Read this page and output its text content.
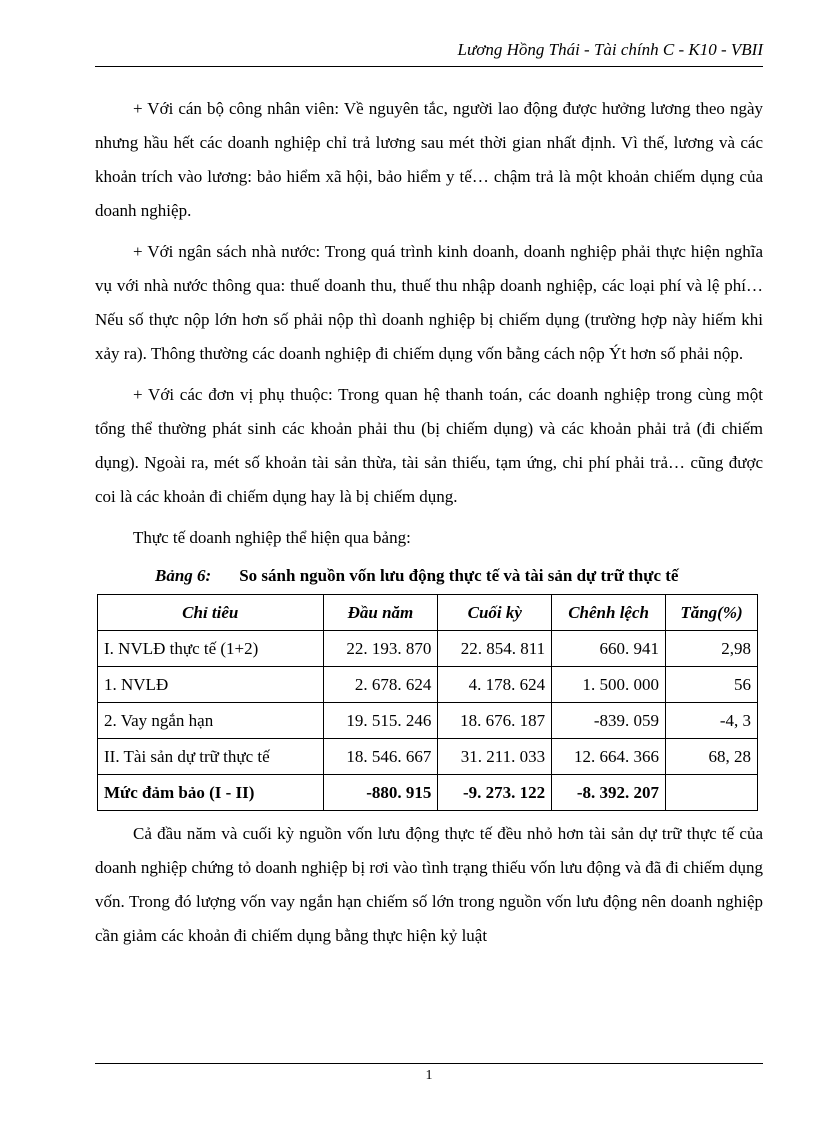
Lương Hồng Thái - Tài chính C - K10 - VBII

+ Với cán bộ công nhân viên: Về nguyên tắc, người lao động được hưởng lương theo ngày nhưng hầu hết các doanh nghiệp chỉ trả lương sau mét thời gian nhất định. Vì thế, lương và các khoản trích vào lương: bảo hiểm xã hội, bảo hiểm y tế… chậm trả là một khoản chiếm dụng của doanh nghiệp.

+ Với ngân sách nhà nước: Trong quá trình kinh doanh, doanh nghiệp phải thực hiện nghĩa vụ với nhà nước thông qua: thuế doanh thu, thuế thu nhập doanh nghiệp, các loại phí và lệ phí… Nếu số thực nộp lớn hơn số phải nộp thì doanh nghiệp bị chiếm dụng (trường hợp này hiếm khi xảy ra). Thông thường các doanh nghiệp đi chiếm dụng vốn bằng cách nộp Ýt hơn số phải nộp.

+ Với các đơn vị phụ thuộc: Trong quan hệ thanh toán, các doanh nghiệp trong cùng một tổng thể thường phát sinh các khoản phải thu (bị chiếm dụng) và các khoản phải trả (đi chiếm dụng). Ngoài ra, mét số khoản tài sản thừa, tài sản thiếu, tạm ứng, chi phí phải trả… cũng được coi là các khoản đi chiếm dụng hay là bị chiếm dụng.

Thực tế doanh nghiệp thể hiện qua bảng:

Bảng 6: So sánh nguồn vốn lưu động thực tế và tài sản dự trữ thực tế
Chỉ tiêu	Đầu năm	Cuối kỳ	Chênh lệch	Tăng(%)
I. NVLĐ thực tế (1+2)	22. 193. 870	22. 854. 811	660. 941	2,98
1. NVLĐ	2. 678. 624	4. 178. 624	1. 500. 000	56
2. Vay ngắn hạn	19. 515. 246	18. 676. 187	-839. 059	-4, 3
II. Tài sản dự trữ thực tế	18. 546. 667	31. 211. 033	12. 664. 366	68, 28
Mức đảm bảo (I - II)	-880. 915	-9. 273. 122	-8. 392. 207	

Cả đầu năm và cuối kỳ nguồn vốn lưu động thực tế đều nhỏ hơn tài sản dự trữ thực tế của doanh nghiệp chứng tỏ doanh nghiệp bị rơi vào tình trạng thiếu vốn lưu động và đã đi chiếm dụng vốn. Trong đó lượng vốn vay ngắn hạn chiếm số lớn trong nguồn vốn lưu động nên doanh nghiệp cần giảm các khoản đi chiếm dụng bằng thực hiện kỷ luật

1
